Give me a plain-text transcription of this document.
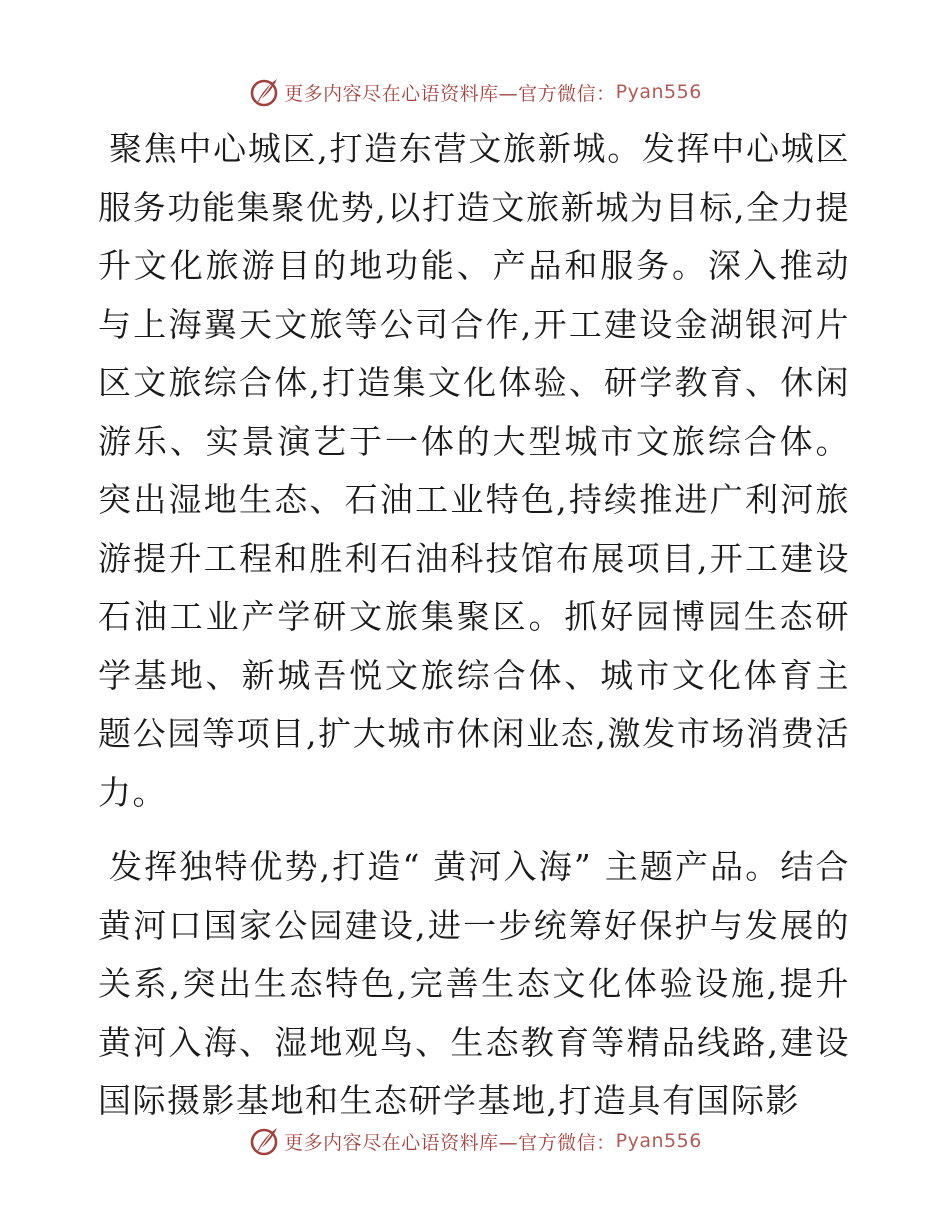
更多内容尽在心语资料库—官方微信： Pyan556

聚焦中心城区,打造东营文旅新城。发挥中心城区服务功能集聚优势,以打造文旅新城为目标,全力提升文化旅游目的地功能、产品和服务。深入推动与上海翼天文旅等公司合作,开工建设金湖银河片区文旅综合体,打造集文化体验、研学教育、休闲游乐、实景演艺于一体的大型城市文旅综合体。突出湿地生态、石油工业特色,持续推进广利河旅游提升工程和胜利石油科技馆布展项目,开工建设石油工业产学研文旅集聚区。抓好园博园生态研学基地、新城吾悦文旅综合体、城市文化体育主题公园等项目,扩大城市休闲业态,激发市场消费活力。

发挥独特优势,打造“ 黄河入海” 主题产品。结合黄河口国家公园建设,进一步统筹好保护与发展的关系,突出生态特色,完善生态文化体验设施,提升黄河入海、湿地观鸟、生态教育等精品线路,建设国际摄影基地和生态研学基地,打造具有国际影

更多内容尽在心语资料库—官方微信： Pyan556
